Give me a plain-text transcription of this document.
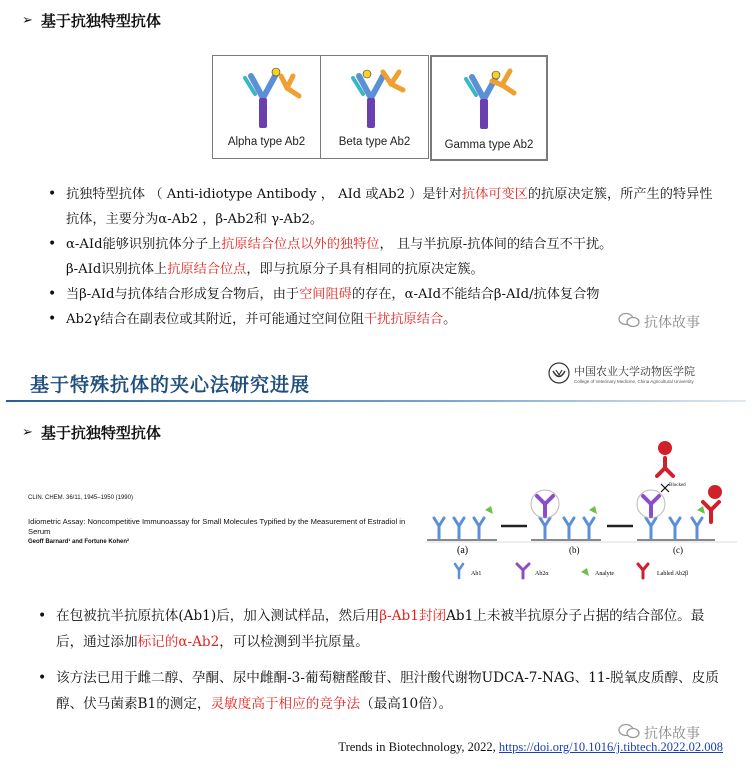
➢ 基于抗独特型抗体
Alpha type Ab2	Beta type Ab2	Gamma type Ab2
• 抗独特型抗体 （ Anti-idiotype Antibody ， AId 或Ab2 ）是针对抗体可变区的抗原决定簇，所产生的特异性抗体，主要分为α-Ab2 ，β-Ab2和 γ-Ab2。
• α-AId能够识别抗体分子上抗原结合位点以外的独特位， 且与半抗原-抗体间的结合互不干扰。
β-AId识别抗体上抗原结合位点，即与抗原分子具有相同的抗原决定簇。
• 当β-AId与抗体结合形成复合物后，由于空间阻碍的存在，α-AId不能结合β-AId/抗体复合物
• Ab2γ结合在副表位或其附近，并可能通过空间位阻干扰抗原结合。	抗体故事
基于特殊抗体的夹心法研究进展
中国农业大学动物医学院
College of Veterinary Medicine, China Agricultural University
➢ 基于抗独特型抗体
CLIN. CHEM. 36/11, 1945–1950 (1990)
Idiometric Assay: Noncompetitive Immunoassay for Small Molecules Typified by the Measurement of Estradiol in Serum
Geoff Barnard¹ and Fortune Kohen²
Blocked
(a)	(b)	(c)
Ab1	Ab2α	Analyte	Labled Ab2β
• 在包被抗半抗原抗体(Ab1)后，加入测试样品，然后用β-Ab1封闭Ab1上未被半抗原分子占据的结合部位。最后，通过添加标记的α-Ab2，可以检测到半抗原量。
• 该方法已用于雌二醇、孕酮、尿中雌酮-3-葡萄糖醛酸苷、胆汁酸代谢物UDCA-7-NAG、11-脱氧皮质醇、皮质醇、伏马菌素B1的测定，灵敏度高于相应的竞争法（最高10倍）。
抗体故事
Trends in Biotechnology, 2022, https://doi.org/10.1016/j.tibtech.2022.02.008
